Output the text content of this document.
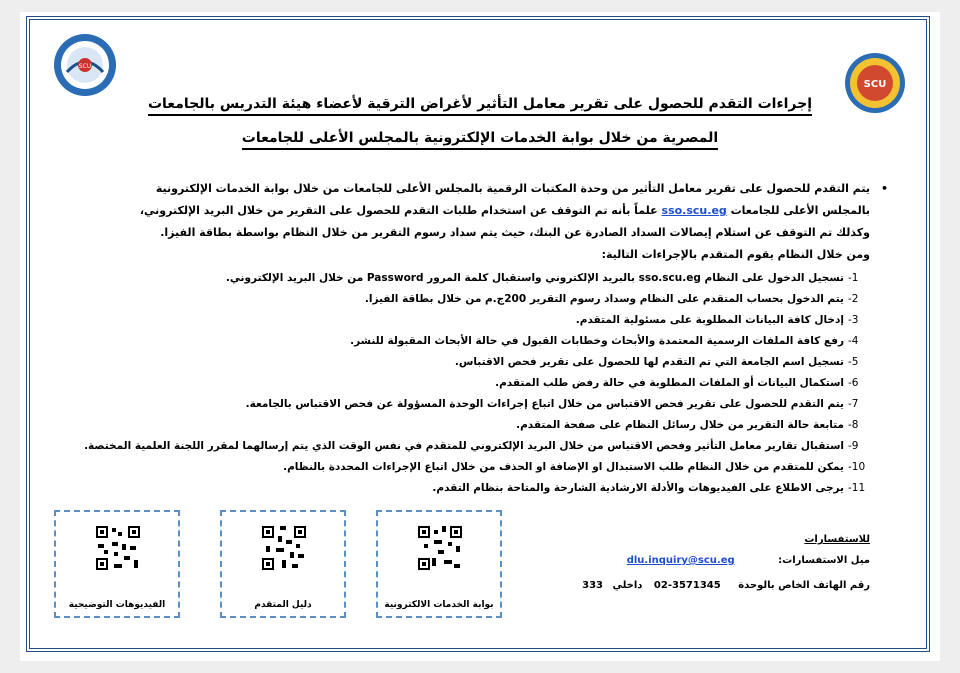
SCU
SCU
إجراءات التقدم للحصول على تقرير معامل التأثير لأغراض الترقية لأعضاء هيئة التدريس بالجامعات
المصرية من خلال بوابة الخدمات الإلكترونية بالمجلس الأعلى للجامعات
•
يتم التقدم للحصول على تقرير معامل التأثير من وحدة المكتبات الرقمية بالمجلس الأعلى للجامعات من خلال بوابة الخدمات الإلكترونية
بالمجلس الأعلى للجامعات sso.scu.eg علماً بأنه تم التوقف عن استخدام طلبات التقدم للحصول على التقرير من خلال البريد الإلكتروني،
وكذلك تم التوقف عن استلام إيصالات السداد الصادرة عن البنك، حيث يتم سداد رسوم التقرير من خلال النظام بواسطة بطاقة الفيزا.
ومن خلال النظام يقوم المتقدم بالإجراءات التالية:
-1
تسجيل الدخول على النظام sso.scu.eg بالبريد الإلكتروني واستقبال كلمة المرور Password من خلال البريد الإلكتروني.
-2
يتم الدخول بحساب المتقدم على النظام وسداد رسوم التقرير 200ج.م من خلال بطاقة الفيزا.
-3
إدخال كافة البيانات المطلوبة على مسئولية المتقدم.
-4
رفع كافة الملفات الرسمية المعتمدة والأبحاث وخطابات القبول في حالة الأبحاث المقبولة للنشر.
-5
تسجيل اسم الجامعة التي تم التقدم لها للحصول على تقرير فحص الاقتباس.
-6
استكمال البيانات أو الملفات المطلوبة في حالة رفض طلب المتقدم.
-7
يتم التقدم للحصول على تقرير فحص الاقتباس من خلال اتباع إجراءات الوحدة المسؤولة عن فحص الاقتباس بالجامعة.
-8
متابعة حالة التقرير من خلال رسائل النظام على صفحة المتقدم.
-9
استقبال تقارير معامل التأثير وفحص الاقتباس من خلال البريد الإلكتروني للمتقدم في نفس الوقت الذي يتم إرسالهما لمقرر اللجنة العلمية المختصة.
-10
يمكن للمتقدم من خلال النظام طلب الاستبدال او الإضافة او الحذف من خلال اتباع الإجراءات المحددة بالنظام.
-11
يرجى الاطلاع على الفيديوهات والأدلة الارشادية الشارحة والمتاحة بنظام التقدم.
الفيديوهات التوضيحية	دليل المتقدم	بوابة الخدمات الالكترونية
للاستفسارات
ميل الاستفسارات: dlu.inquiry@scu.eg
رقم الهاتف الخاص بالوحدة 02-3571345 داخلي 333
